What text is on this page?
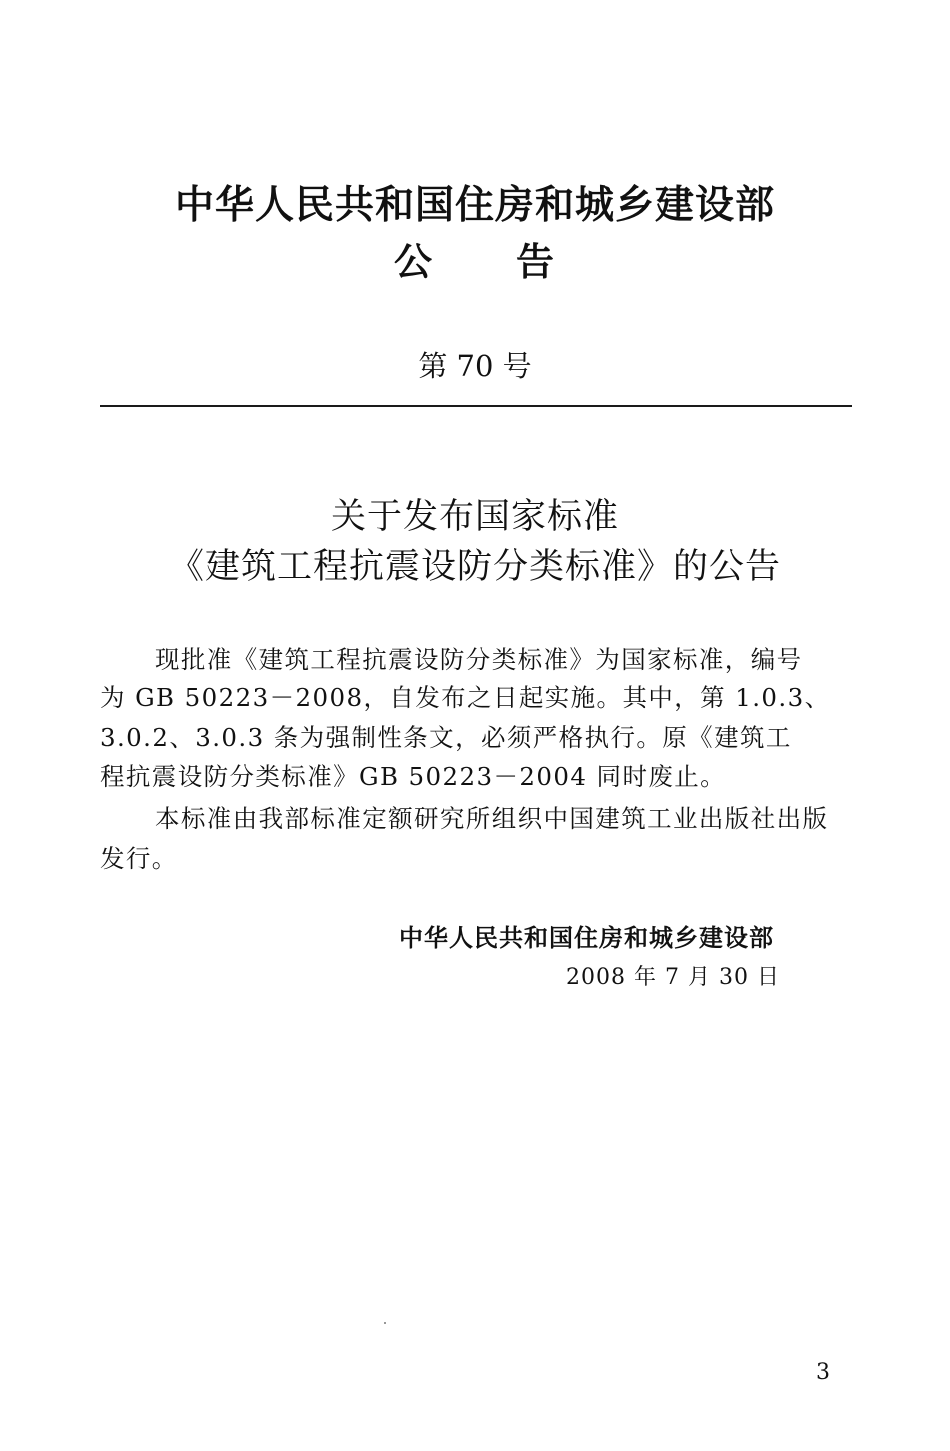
中华人民共和国住房和城乡建设部
公 告
第 70 号
关于发布国家标准
《建筑工程抗震设防分类标准》的公告
现批准《建筑工程抗震设防分类标准》为国家标准，编号
为 GB 50223－2008，自发布之日起实施。其中，第 1.0.3、
3.0.2、3.0.3 条为强制性条文，必须严格执行。原《建筑工
程抗震设防分类标准》GB 50223－2004 同时废止。
本标准由我部标准定额研究所组织中国建筑工业出版社出版
发行。
中华人民共和国住房和城乡建设部
2008 年 7 月 30 日
3
